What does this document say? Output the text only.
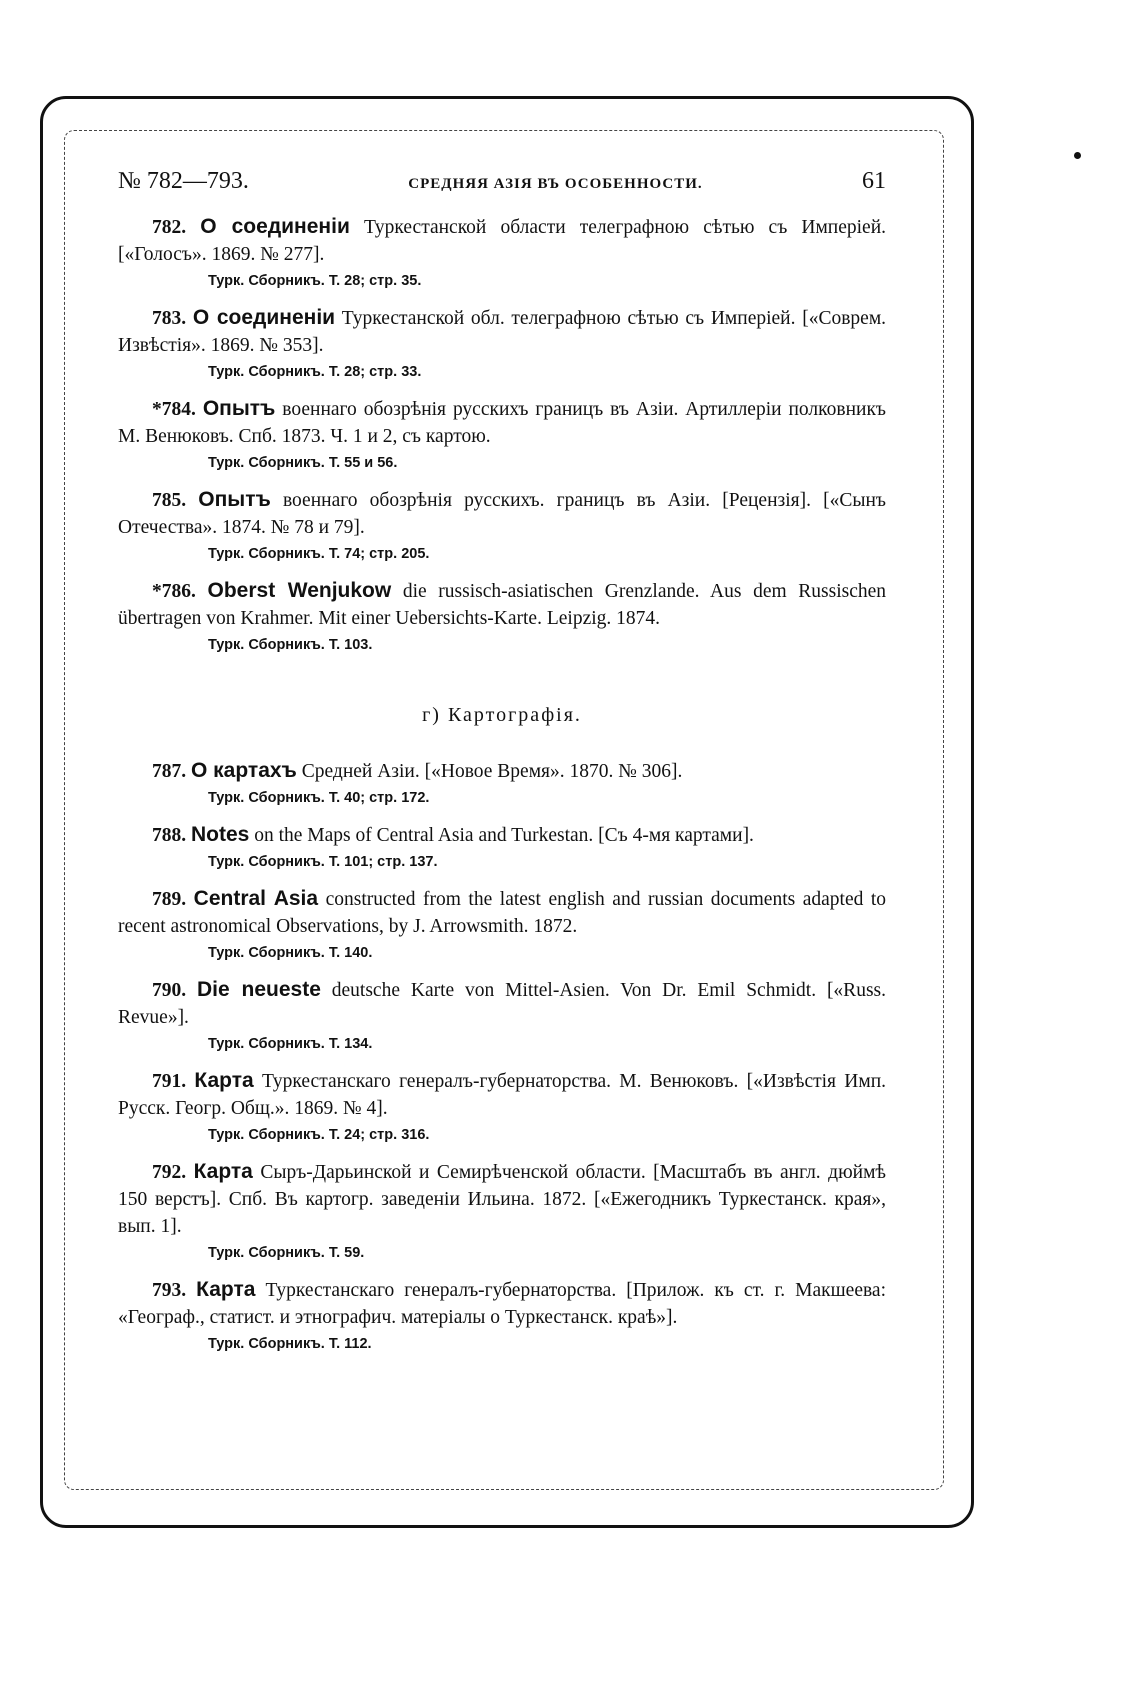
№ 782—793.	СРЕДНЯЯ АЗІЯ ВЪ ОСОБЕННОСТИ.	61

782. О соединеніи Туркестанской области телеграфною сѣтью съ Имперіей. [«Голосъ». 1869. № 277].

Турк. Сборникъ. Т. 28; стр. 35.

783. О соединеніи Туркестанской обл. телеграфною сѣтью съ Имперіей. [«Соврем. Извѣстія». 1869. № 353].

Турк. Сборникъ. Т. 28; стр. 33.

*784. Опытъ военнаго обозрѣнія русскихъ границъ въ Азіи. Артиллеріи полковникъ М. Венюковъ. Спб. 1873. Ч. 1 и 2, съ картою.

Турк. Сборникъ. Т. 55 и 56.

785. Опытъ военнаго обозрѣнія русскихъ. границъ въ Азіи. [Рецензія]. [«Сынъ Отечества». 1874. № 78 и 79].

Турк. Сборникъ. Т. 74; стр. 205.

*786. Oberst Wenjukow die russisch-asiatischen Grenzlande. Aus dem Russischen übertragen von Krahmer. Mit einer Uebersichts-Karte. Leipzig. 1874.

Турк. Сборникъ. Т. 103.
г) Картографія.

787. О картахъ Средней Азіи. [«Новое Время». 1870. № 306].

Турк. Сборникъ. Т. 40; стр. 172.

788. Notes on the Maps of Central Asia and Turkestan. [Съ 4-мя картами].

Турк. Сборникъ. Т. 101; стр. 137.

789. Central Asia constructed from the latest english and russian documents adapted to recent astronomical Observations, by J. Arrowsmith. 1872.

Турк. Сборникъ. Т. 140.

790. Die neueste deutsche Karte von Mittel-Asien. Von Dr. Emil Schmidt. [«Russ. Revue»].

Турк. Сборникъ. Т. 134.

791. Карта Туркестанскаго генералъ-губернаторства. М. Венюковъ. [«Извѣстія Имп. Русск. Геогр. Общ.». 1869. № 4].

Турк. Сборникъ. Т. 24; стр. 316.

792. Карта Сыръ-Дарьинской и Семирѣченской области. [Масштабъ въ англ. дюймѣ 150 верстъ]. Спб. Въ картогр. заведеніи Ильина. 1872. [«Ежегодникъ Туркестанск. края», вып. 1].

Турк. Сборникъ. Т. 59.

793. Карта Туркестанскаго генералъ-губернаторства. [Прилож. къ ст. г. Макшеева: «Географ., статист. и этнографич. матеріалы о Туркестанск. краѣ»].

Турк. Сборникъ. Т. 112.
